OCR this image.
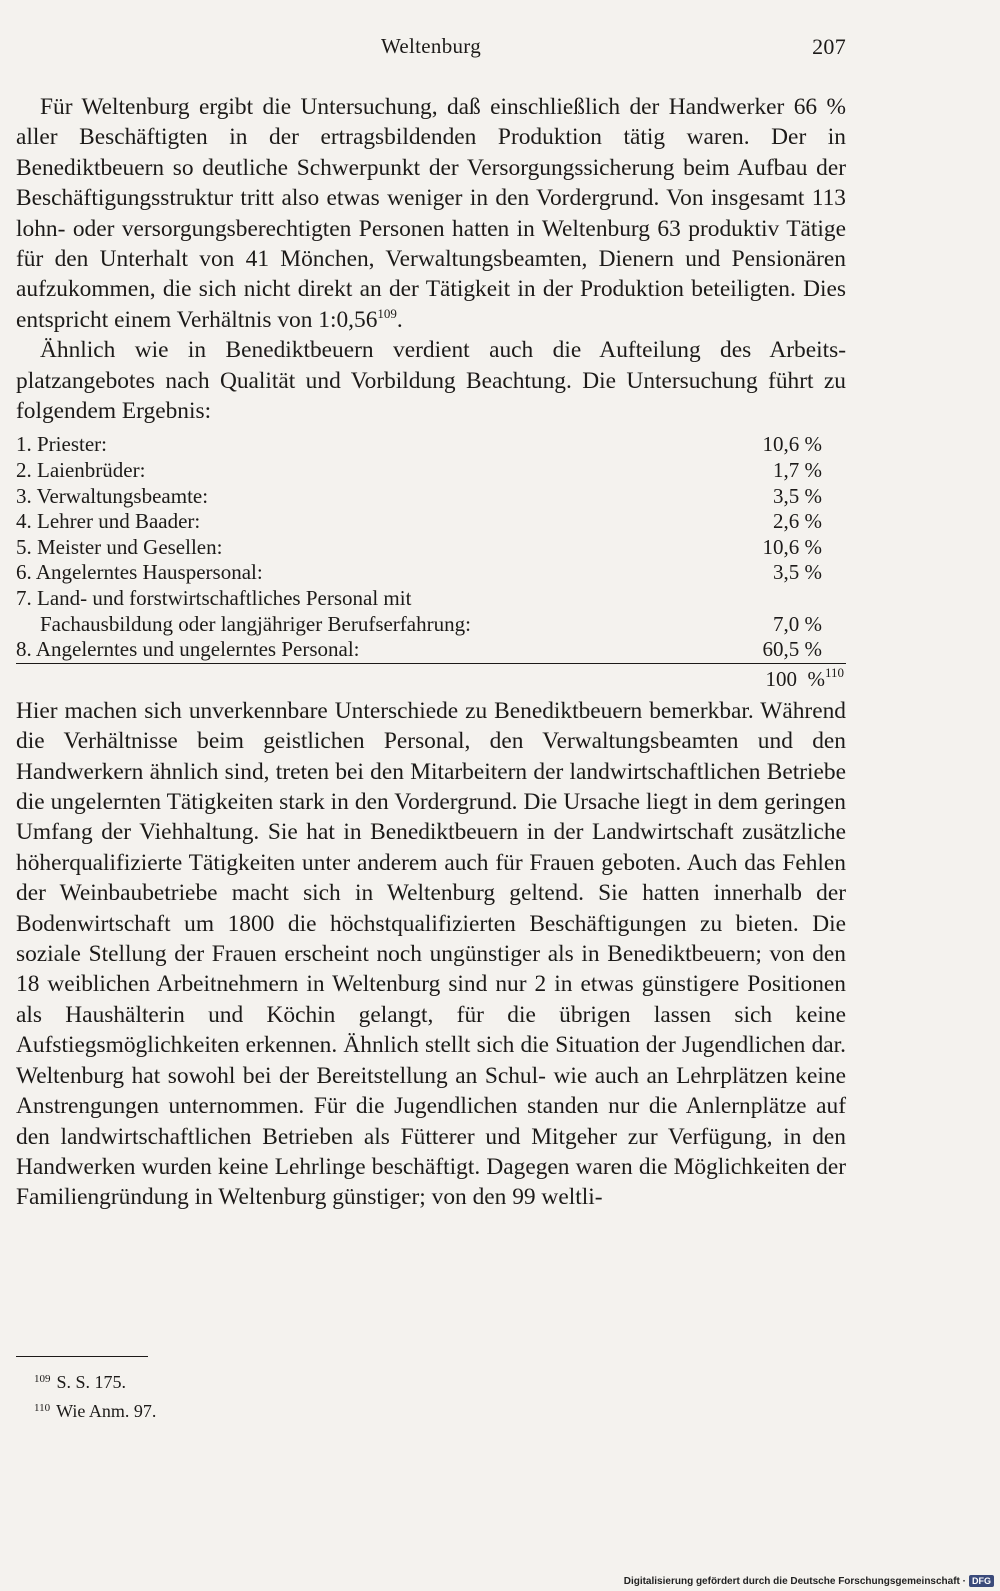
Weltenburg	207

Für Weltenburg ergibt die Untersuchung, daß einschließlich der Handwerker 66 % aller Beschäftigten in der ertragsbildenden Produktion tätig waren. Der in Benediktbeuern so deutliche Schwerpunkt der Versorgungssicherung beim Aufbau der Beschäftigungsstruktur tritt also etwas weniger in den Vordergrund. Von insgesamt 113 lohn- oder versorgungsberechtigten Personen hatten in Weltenburg 63 produktiv Tätige für den Unterhalt von 41 Mönchen, Verwaltungsbeamten, Dienern und Pensionären aufzukommen, die sich nicht direkt an der Tätigkeit in der Produktion beteiligten. Dies entspricht einem Verhältnis von 1:0,56$^{109}$.

Ähnlich wie in Benediktbeuern verdient auch die Aufteilung des Arbeitsplatzangebotes nach Qualität und Vorbildung Beachtung. Die Untersuchung führt zu folgendem Ergebnis:

1. Priester:	10,6 %
2. Laienbrüder:	1,7 %
3. Verwaltungsbeamte:	3,5 %
4. Lehrer und Baader:	2,6 %
5. Meister und Gesellen:	10,6 %
6. Angelerntes Hauspersonal:	3,5 %
7. Land- und forstwirtschaftliches Personal mit
Fachausbildung oder langjähriger Berufserfahrung:	7,0 %
8. Angelerntes und ungelerntes Personal:	60,5 %
100  %$^{110}$

Hier machen sich unverkennbare Unterschiede zu Benediktbeuern bemerkbar. Während die Verhältnisse beim geistlichen Personal, den Verwaltungsbeamten und den Handwerkern ähnlich sind, treten bei den Mitarbeitern der landwirtschaftlichen Betriebe die ungelernten Tätigkeiten stark in den Vordergrund. Die Ursache liegt in dem geringen Umfang der Viehhaltung. Sie hat in Benediktbeuern in der Landwirtschaft zusätzliche höherqualifizierte Tätigkeiten unter anderem auch für Frauen geboten. Auch das Fehlen der Weinbaubetriebe macht sich in Weltenburg geltend. Sie hatten innerhalb der Bodenwirtschaft um 1800 die höchstqualifizierten Beschäftigungen zu bieten. Die soziale Stellung der Frauen erscheint noch ungünstiger als in Benediktbeuern; von den 18 weiblichen Arbeitnehmern in Weltenburg sind nur 2 in etwas günstigere Positionen als Haushälterin und Köchin gelangt, für die übrigen lassen sich keine Aufstiegsmöglichkeiten erkennen. Ähnlich stellt sich die Situation der Jugendlichen dar. Weltenburg hat sowohl bei der Bereitstellung an Schul- wie auch an Lehrplätzen keine Anstrengungen unternommen. Für die Jugendlichen standen nur die Anlernplätze auf den landwirtschaftlichen Betrieben als Fütterer und Mitgeher zur Verfügung, in den Handwerken wurden keine Lehrlinge beschäftigt. Dagegen waren die Möglichkeiten der Familiengründung in Weltenburg günstiger; von den 99 weltli-

$^{109}$ S. S. 175.
$^{110}$ Wie Anm. 97.
Digitalisierung gefördert durch die Deutsche Forschungsgemeinschaft · DFG
